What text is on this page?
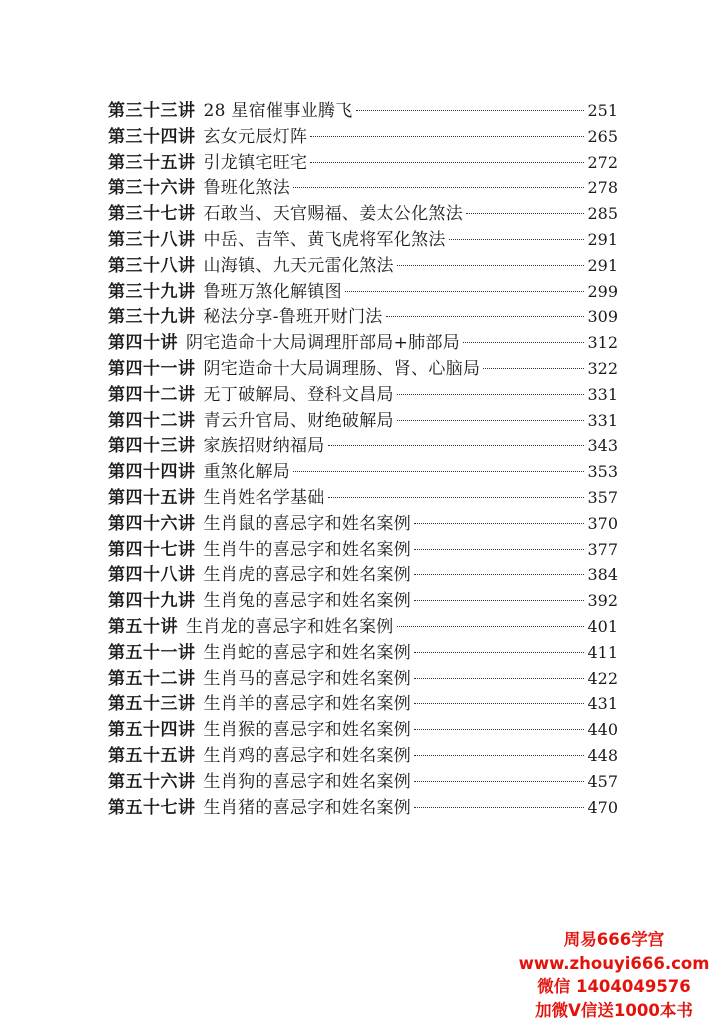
第三十三讲 28 星宿催事业腾飞	251
第三十四讲 玄女元辰灯阵	265
第三十五讲 引龙镇宅旺宅	272
第三十六讲 鲁班化煞法	278
第三十七讲 石敢当、天官赐福、姜太公化煞法	285
第三十八讲 中岳、吉竿、黄飞虎将军化煞法	291
第三十八讲 山海镇、九天元雷化煞法	291
第三十九讲 鲁班万煞化解镇图	299
第三十九讲 秘法分享-鲁班开财门法	309
第四十讲 阴宅造命十大局调理肝部局+肺部局	312
第四十一讲 阴宅造命十大局调理肠、肾、心脑局	322
第四十二讲 无丁破解局、登科文昌局	331
第四十二讲 青云升官局、财绝破解局	331
第四十三讲 家族招财纳福局	343
第四十四讲 重煞化解局	353
第四十五讲 生肖姓名学基础	357
第四十六讲 生肖鼠的喜忌字和姓名案例	370
第四十七讲 生肖牛的喜忌字和姓名案例	377
第四十八讲 生肖虎的喜忌字和姓名案例	384
第四十九讲 生肖兔的喜忌字和姓名案例	392
第五十讲 生肖龙的喜忌字和姓名案例	401
第五十一讲 生肖蛇的喜忌字和姓名案例	411
第五十二讲 生肖马的喜忌字和姓名案例	422
第五十三讲 生肖羊的喜忌字和姓名案例	431
第五十四讲 生肖猴的喜忌字和姓名案例	440
第五十五讲 生肖鸡的喜忌字和姓名案例	448
第五十六讲 生肖狗的喜忌字和姓名案例	457
第五十七讲 生肖猪的喜忌字和姓名案例	470
周易666学宫
www.zhouyi666.com
微信 1404049576
加微V信送1000本书
